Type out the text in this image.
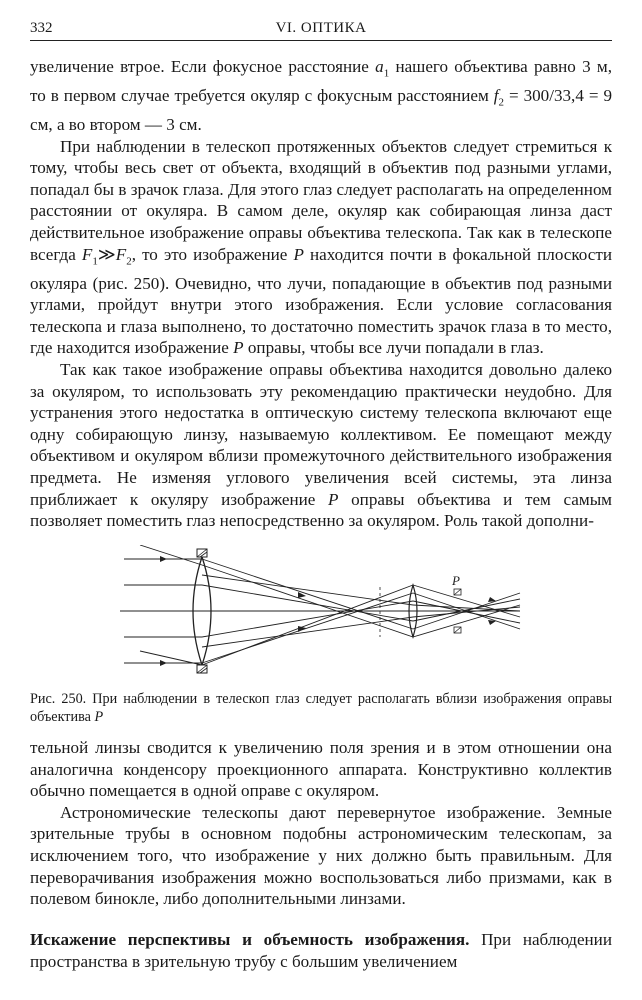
332	VI. ОПТИКА

увеличение втрое. Если фокусное расстояние $a_1$ нашего объектива равно 3 м, то в первом случае требуется окуляр с фокусным расстоянием $f_2 = 300/33,4 = 9$ см, а во втором — 3 см.

При наблюдении в телескоп протяженных объектов следует стремиться к тому, чтобы весь свет от объекта, входящий в объектив под разными углами, попадал бы в зрачок глаза. Для этого глаз следует располагать на определенном расстоянии от окуляра. В самом деле, окуляр как собирающая линза даст действительное изображение оправы объектива телескопа. Так как в телескопе всегда $F_1≫F_2$, то это изображение P находится почти в фокальной плоскости окуляра (рис. 250). Очевидно, что лучи, попадающие в объектив под разными углами, пройдут внутри этого изображения. Если условие согласования телескопа и глаза выполнено, то достаточно поместить зрачок глаза в то место, где находится изображение P оправы, чтобы все лучи попадали в глаз.

Так как такое изображение оправы объектива находится довольно далеко за окуляром, то использовать эту рекомендацию практически неудобно. Для устранения этого недостатка в оптическую систему телескопа включают еще одну собирающую линзу, называемую коллективом. Ее помещают между объективом и окуляром вблизи промежуточного действительного изображения предмета. Не изменяя углового увеличения всей системы, эта линза приближает к окуляру изображение P оправы объектива и тем самым позволяет поместить глаз непосредственно за окуляром. Роль такой дополни-

P
Рис. 250. При наблюдении в телескоп глаз следует располагать вблизи изображения оправы объектива P

тельной линзы сводится к увеличению поля зрения и в этом отношении она аналогична конденсору проекционного аппарата. Конструктивно коллектив обычно помещается в одной оправе с окуляром.

Астрономические телескопы дают перевернутое изображение. Земные зрительные трубы в основном подобны астрономическим телескопам, за исключением того, что изображение у них должно быть правильным. Для переворачивания изображения можно воспользоваться либо призмами, как в полевом бинокле, либо дополнительными линзами.

Искажение перспективы и объемность изображения. При наблюдении пространства в зрительную трубу с большим увеличением
